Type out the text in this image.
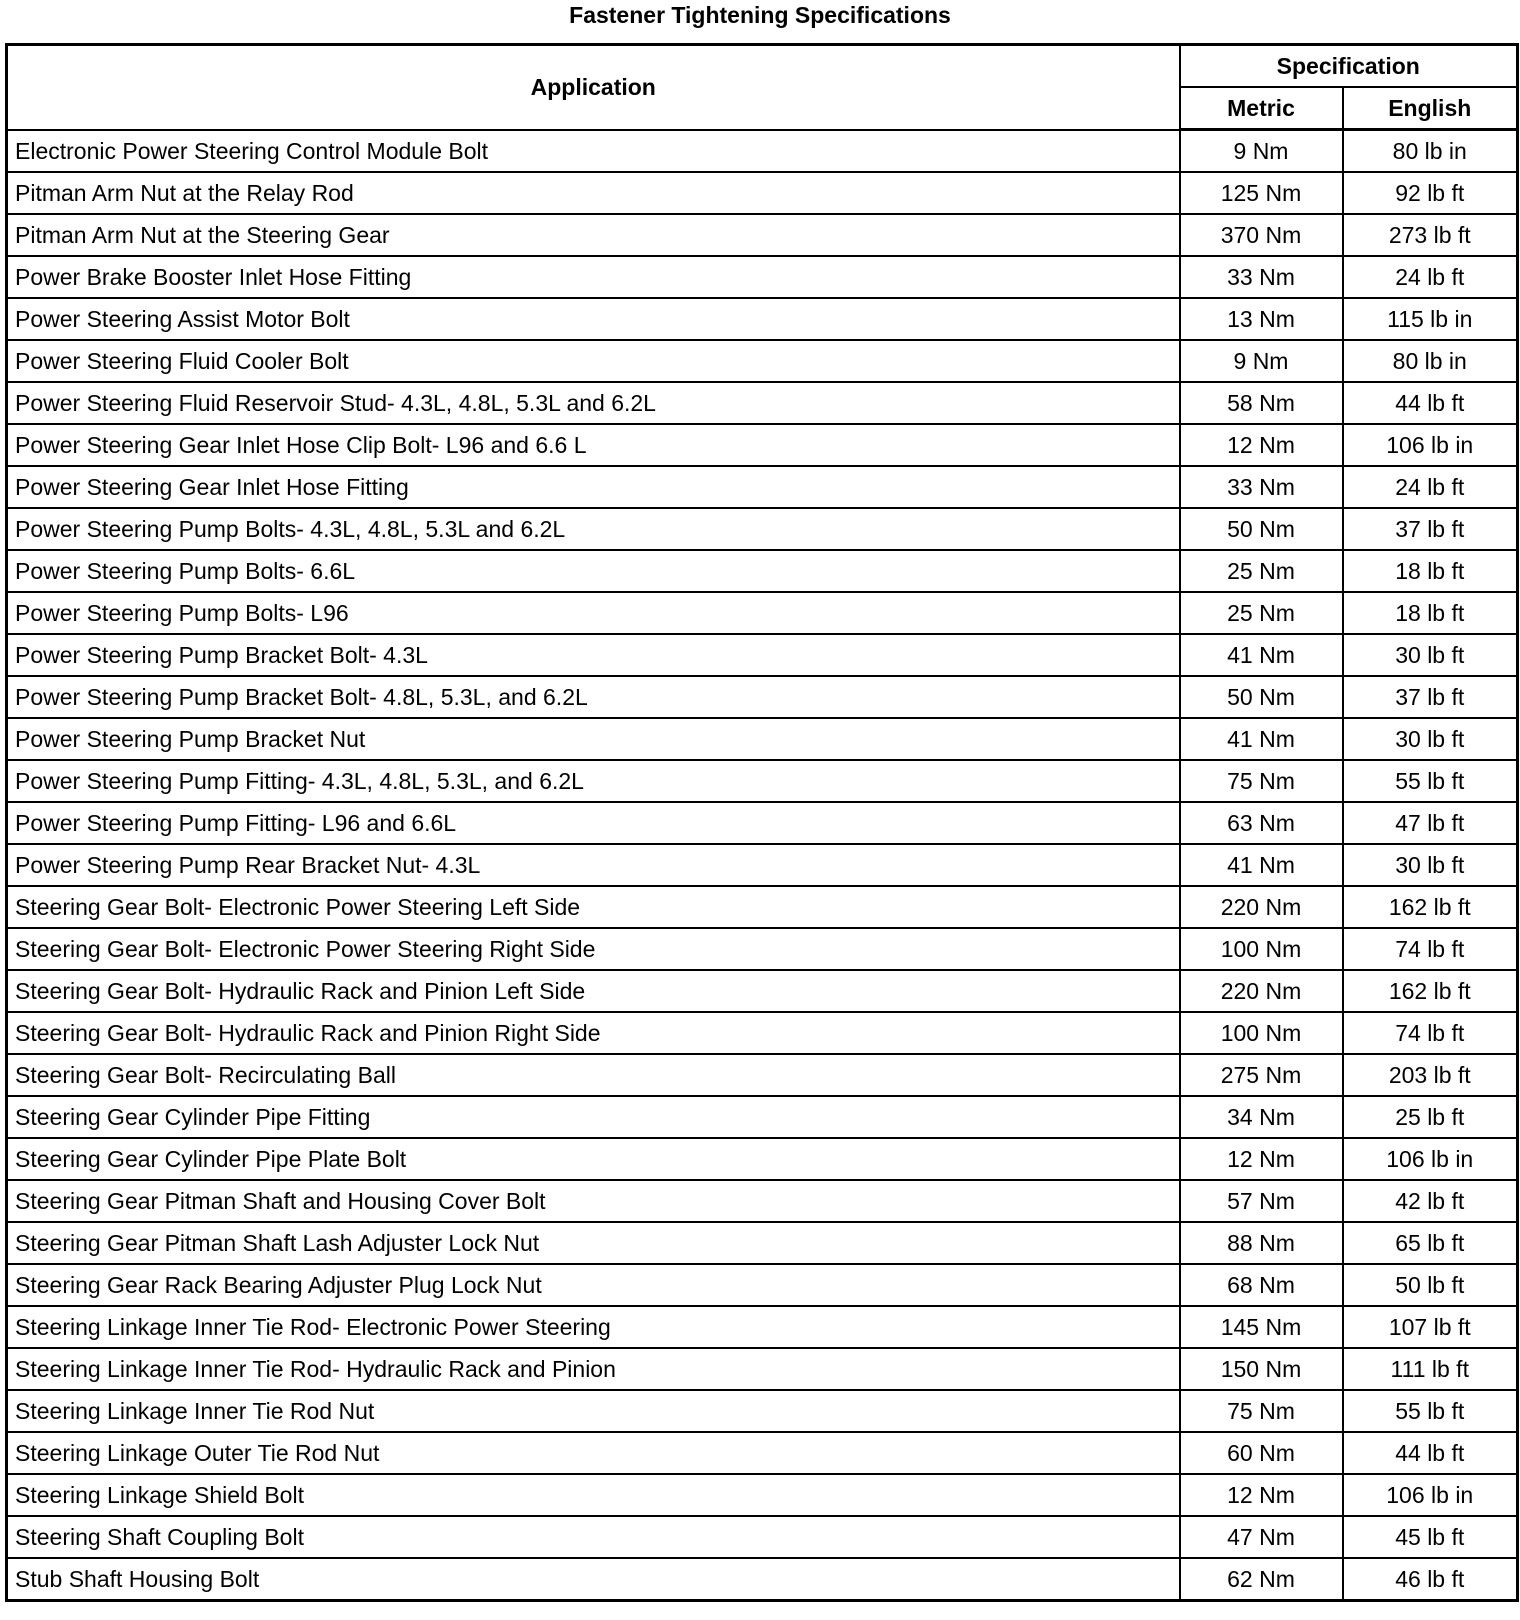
Fastener Tightening Specifications
Application	Specification	
	Metric	English
Electronic Power Steering Control Module Bolt	9 Nm	80 lb in
Pitman Arm Nut at the Relay Rod	125 Nm	92 lb ft
Pitman Arm Nut at the Steering Gear	370 Nm	273 lb ft
Power Brake Booster Inlet Hose Fitting	33 Nm	24 lb ft
Power Steering Assist Motor Bolt	13 Nm	115 lb in
Power Steering Fluid Cooler Bolt	9 Nm	80 lb in
Power Steering Fluid Reservoir Stud- 4.3L, 4.8L, 5.3L and 6.2L	58 Nm	44 lb ft
Power Steering Gear Inlet Hose Clip Bolt- L96 and 6.6 L	12 Nm	106 lb in
Power Steering Gear Inlet Hose Fitting	33 Nm	24 lb ft
Power Steering Pump Bolts- 4.3L, 4.8L, 5.3L and 6.2L	50 Nm	37 lb ft
Power Steering Pump Bolts- 6.6L	25 Nm	18 lb ft
Power Steering Pump Bolts- L96	25 Nm	18 lb ft
Power Steering Pump Bracket Bolt- 4.3L	41 Nm	30 lb ft
Power Steering Pump Bracket Bolt- 4.8L, 5.3L, and 6.2L	50 Nm	37 lb ft
Power Steering Pump Bracket Nut	41 Nm	30 lb ft
Power Steering Pump Fitting- 4.3L, 4.8L, 5.3L, and 6.2L	75 Nm	55 lb ft
Power Steering Pump Fitting- L96 and 6.6L	63 Nm	47 lb ft
Power Steering Pump Rear Bracket Nut- 4.3L	41 Nm	30 lb ft
Steering Gear Bolt- Electronic Power Steering Left Side	220 Nm	162 lb ft
Steering Gear Bolt- Electronic Power Steering Right Side	100 Nm	74 lb ft
Steering Gear Bolt- Hydraulic Rack and Pinion Left Side	220 Nm	162 lb ft
Steering Gear Bolt- Hydraulic Rack and Pinion Right Side	100 Nm	74 lb ft
Steering Gear Bolt- Recirculating Ball	275 Nm	203 lb ft
Steering Gear Cylinder Pipe Fitting	34 Nm	25 lb ft
Steering Gear Cylinder Pipe Plate Bolt	12 Nm	106 lb in
Steering Gear Pitman Shaft and Housing Cover Bolt	57 Nm	42 lb ft
Steering Gear Pitman Shaft Lash Adjuster Lock Nut	88 Nm	65 lb ft
Steering Gear Rack Bearing Adjuster Plug Lock Nut	68 Nm	50 lb ft
Steering Linkage Inner Tie Rod- Electronic Power Steering	145 Nm	107 lb ft
Steering Linkage Inner Tie Rod- Hydraulic Rack and Pinion	150 Nm	111 lb ft
Steering Linkage Inner Tie Rod Nut	75 Nm	55 lb ft
Steering Linkage Outer Tie Rod Nut	60 Nm	44 lb ft
Steering Linkage Shield Bolt	12 Nm	106 lb in
Steering Shaft Coupling Bolt	47 Nm	45 lb ft
Stub Shaft Housing Bolt	62 Nm	46 lb ft
